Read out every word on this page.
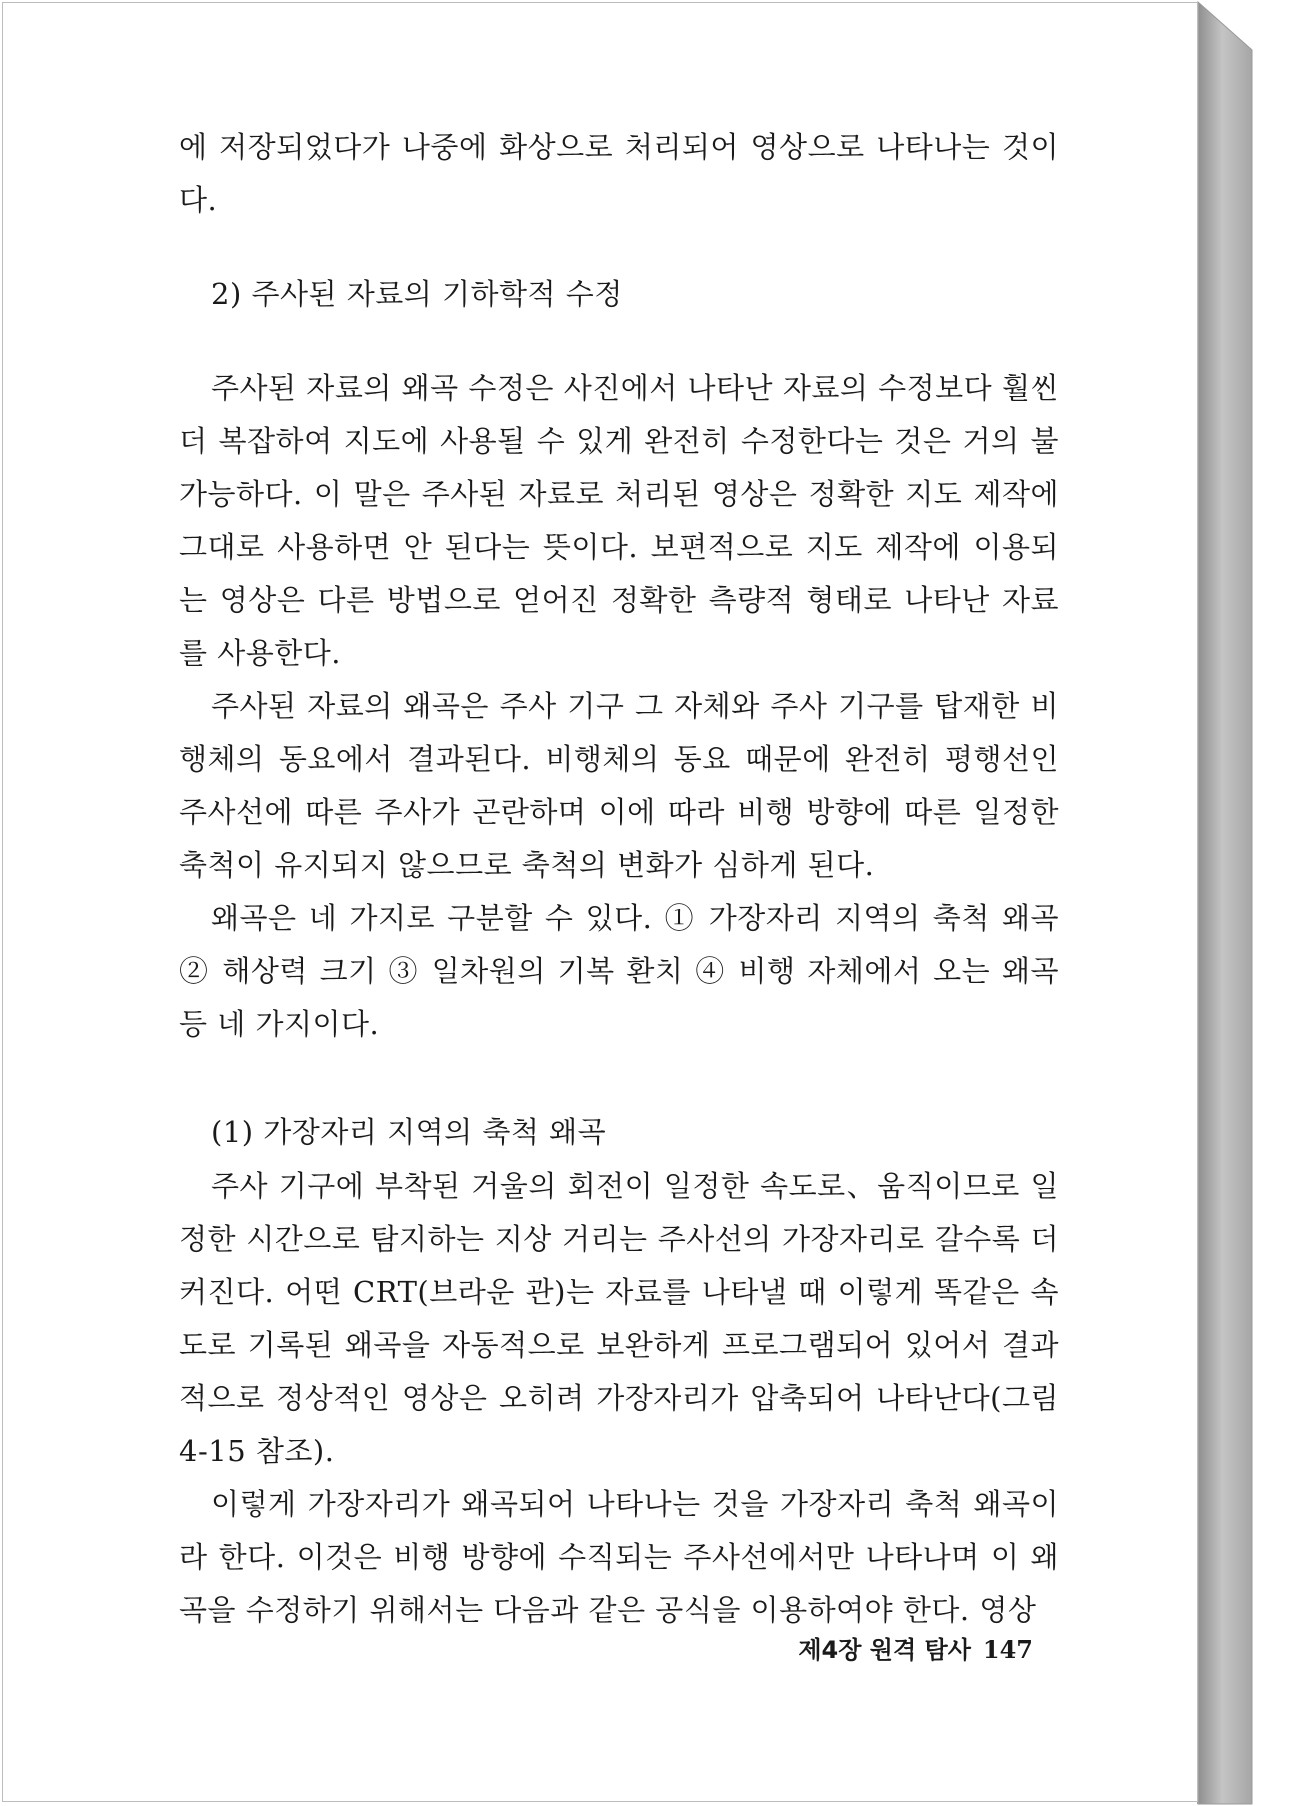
에 저장되었다가 나중에 화상으로 처리되어 영상으로 나타나는 것이다.

2) 주사된 자료의 기하학적 수정

주사된 자료의 왜곡 수정은 사진에서 나타난 자료의 수정보다 훨씬 더 복잡하여 지도에 사용될 수 있게 완전히 수정한다는 것은 거의 불가능하다. 이 말은 주사된 자료로 처리된 영상은 정확한 지도 제작에 그대로 사용하면 안 된다는 뜻이다. 보편적으로 지도 제작에 이용되는 영상은 다른 방법으로 얻어진 정확한 측량적 형태로 나타난 자료를 사용한다.

주사된 자료의 왜곡은 주사 기구 그 자체와 주사 기구를 탑재한 비행체의 동요에서 결과된다. 비행체의 동요 때문에 완전히 평행선인 주사선에 따른 주사가 곤란하며 이에 따라 비행 방향에 따른 일정한 축척이 유지되지 않으므로 축척의 변화가 심하게 된다.

왜곡은 네 가지로 구분할 수 있다. ① 가장자리 지역의 축척 왜곡 ② 해상력 크기 ③ 일차원의 기복 환치 ④ 비행 자체에서 오는 왜곡 등 네 가지이다.

(1) 가장자리 지역의 축척 왜곡

주사 기구에 부착된 거울의 회전이 일정한 속도로、움직이므로 일정한 시간으로 탐지하는 지상 거리는 주사선의 가장자리로 갈수록 더 커진다. 어떤 CRT(브라운 관)는 자료를 나타낼 때 이렇게 똑같은 속도로 기록된 왜곡을 자동적으로 보완하게 프로그램되어 있어서 결과적으로 정상적인 영상은 오히려 가장자리가 압축되어 나타난다(그림 4-15 참조).

이렇게 가장자리가 왜곡되어 나타나는 것을 가장자리 축척 왜곡이라 한다. 이것은 비행 방향에 수직되는 주사선에서만 나타나며 이 왜곡을 수정하기 위해서는 다음과 같은 공식을 이용하여야 한다. 영상

제4장 원격 탐사 147
